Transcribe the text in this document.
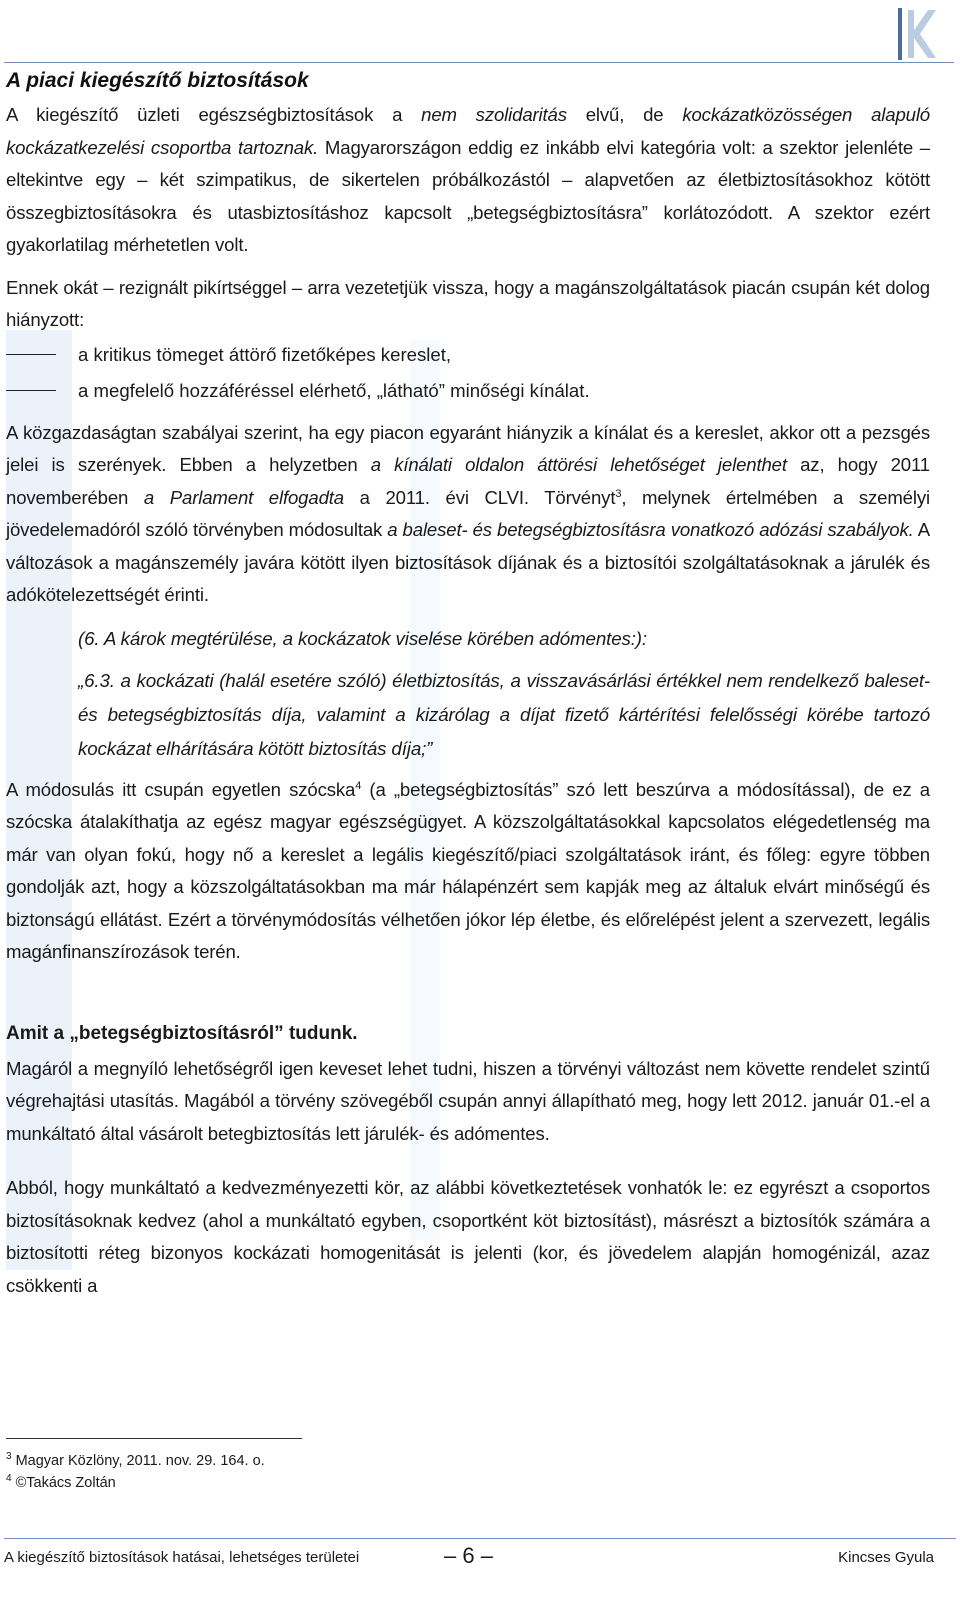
A piaci kiegészítő biztosítások

A kiegészítő üzleti egészségbiztosítások a nem szolidaritás elvű, de kockázatközösségen alapuló kockázatkezelési csoportba tartoznak. Magyarországon eddig ez inkább elvi kategória volt: a szektor jelenléte – eltekintve egy – két szimpatikus, de sikertelen próbálkozástól – alapvetően az életbiztosításokhoz kötött összegbiztosításokra és utasbiztosításhoz kapcsolt „betegségbiztosításra” korlátozódott. A szektor ezért gyakorlatilag mérhetetlen volt.

Ennek okát – rezignált pikírtséggel – arra vezetetjük vissza, hogy a magánszolgáltatások piacán csupán két dolog hiányzott:

a kritikus tömeget áttörő fizetőképes kereslet,
a megfelelő hozzáféréssel elérhető, „látható” minőségi kínálat.

A közgazdaságtan szabályai szerint, ha egy piacon egyaránt hiányzik a kínálat és a kereslet, akkor ott a pezsgés jelei is szerények. Ebben a helyzetben a kínálati oldalon áttörési lehetőséget jelenthet az, hogy 2011 novemberében a Parlament elfogadta a 2011. évi CLVI. Törvényt$^3$, melynek értelmében a személyi jövedelemadóról szóló törvényben módosultak a baleset- és betegségbiztosításra vonatkozó adózási szabályok. A változások a magánszemély javára kötött ilyen biztosítások díjának és a biztosítói szolgáltatásoknak a járulék és adókötelezettségét érinti.

(6. A károk megtérülése, a kockázatok viselése körében adómentes:):

„6.3. a kockázati (halál esetére szóló) életbiztosítás, a visszavásárlási értékkel nem rendelkező baleset- és betegségbiztosítás díja, valamint a kizárólag a díjat fizető kártérítési felelősségi körébe tartozó kockázat elhárítására kötött biztosítás díja;”

A módosulás itt csupán egyetlen szócska$^4$ (a „betegségbiztosítás” szó lett beszúrva a módosítással), de ez a szócska átalakíthatja az egész magyar egészségügyet. A közszolgáltatásokkal kapcsolatos elégedetlenség ma már van olyan fokú, hogy nő a kereslet a legális kiegészítő/piaci szolgáltatások iránt, és főleg: egyre többen gondolják azt, hogy a közszolgáltatásokban ma már hálapénzért sem kapják meg az általuk elvárt minőségű és biztonságú ellátást. Ezért a törvénymódosítás vélhetően jókor lép életbe, és előrelépést jelent a szervezett, legális magánfinanszírozások terén.

Amit a „betegségbiztosításról” tudunk.

Magáról a megnyíló lehetőségről igen keveset lehet tudni, hiszen a törvényi változást nem követte rendelet szintű végrehajtási utasítás. Magából a törvény szövegéből csupán annyi állapítható meg, hogy lett 2012. január 01.-el a munkáltató által vásárolt betegbiztosítás lett járulék- és adómentes.

Abból, hogy munkáltató a kedvezményezetti kör, az alábbi következtetések vonhatók le: ez egyrészt a csoportos biztosításoknak kedvez (ahol a munkáltató egyben, csoportként köt biztosítást), másrészt a biztosítók számára a biztosítotti réteg bizonyos kockázati homogenitását is jelenti (kor, és jövedelem alapján homogénizál, azaz csökkenti a

$^3$ Magyar Közlöny, 2011. nov. 29. 164. o.
$^4$ ©Takács Zoltán
A kiegészítő biztosítások hatásai, lehetséges területei	– 6 –	Kincses Gyula
